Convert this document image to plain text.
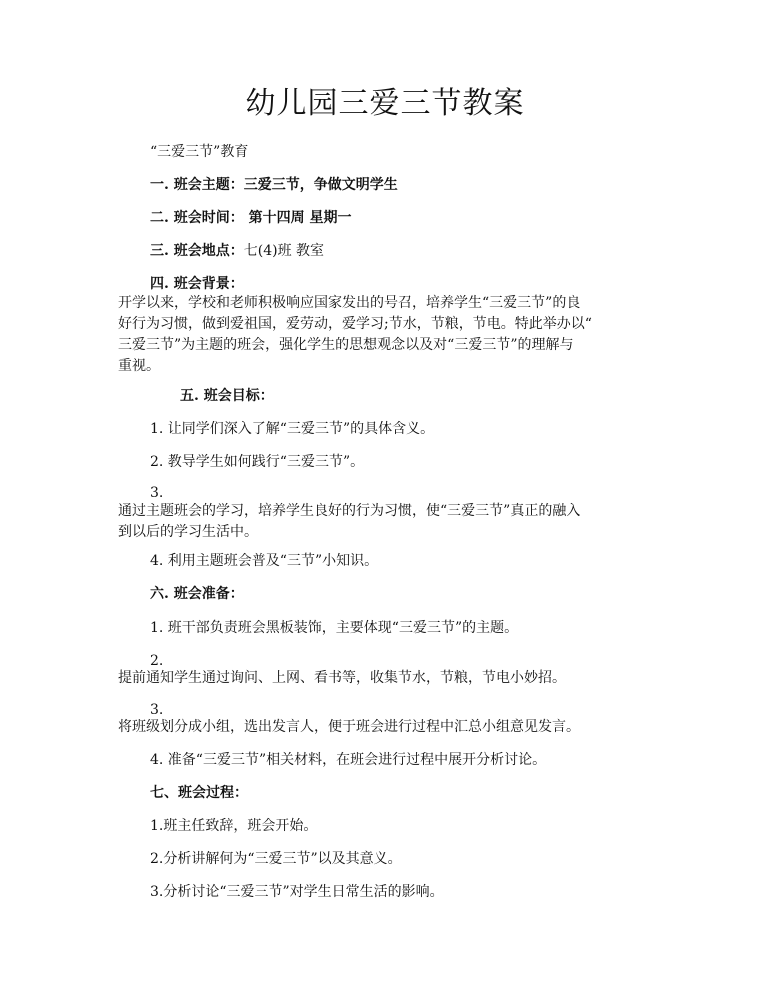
幼儿园三爱三节教案
“三爱三节”教育
一. 班会主题：三爱三节，争做文明学生
二. 班会时间： 第十四周 星期一
三. 班会地点：七(4)班 教室
四. 班会背景：
开学以来，学校和老师积极响应国家发出的号召，培养学生“三爱三节”的良
好行为习惯，做到爱祖国，爱劳动，爱学习;节水，节粮，节电。特此举办以“
三爱三节”为主题的班会，强化学生的思想观念以及对“三爱三节”的理解与
重视。
五. 班会目标：
1. 让同学们深入了解“三爱三节”的具体含义。
2. 教导学生如何践行“三爱三节”。
3.
通过主题班会的学习，培养学生良好的行为习惯，使“三爱三节”真正的融入
到以后的学习生活中。
4. 利用主题班会普及“三节”小知识。
六. 班会准备：
1. 班干部负责班会黑板装饰，主要体现“三爱三节”的主题。
2.
提前通知学生通过询问、上网、看书等，收集节水，节粮，节电小妙招。
3.
将班级划分成小组，选出发言人，便于班会进行过程中汇总小组意见发言。
4. 准备“三爱三节”相关材料，在班会进行过程中展开分析讨论。
七、班会过程：
1.班主任致辞，班会开始。
2.分析讲解何为“三爱三节”以及其意义。
3.分析讨论“三爱三节”对学生日常生活的影响。
